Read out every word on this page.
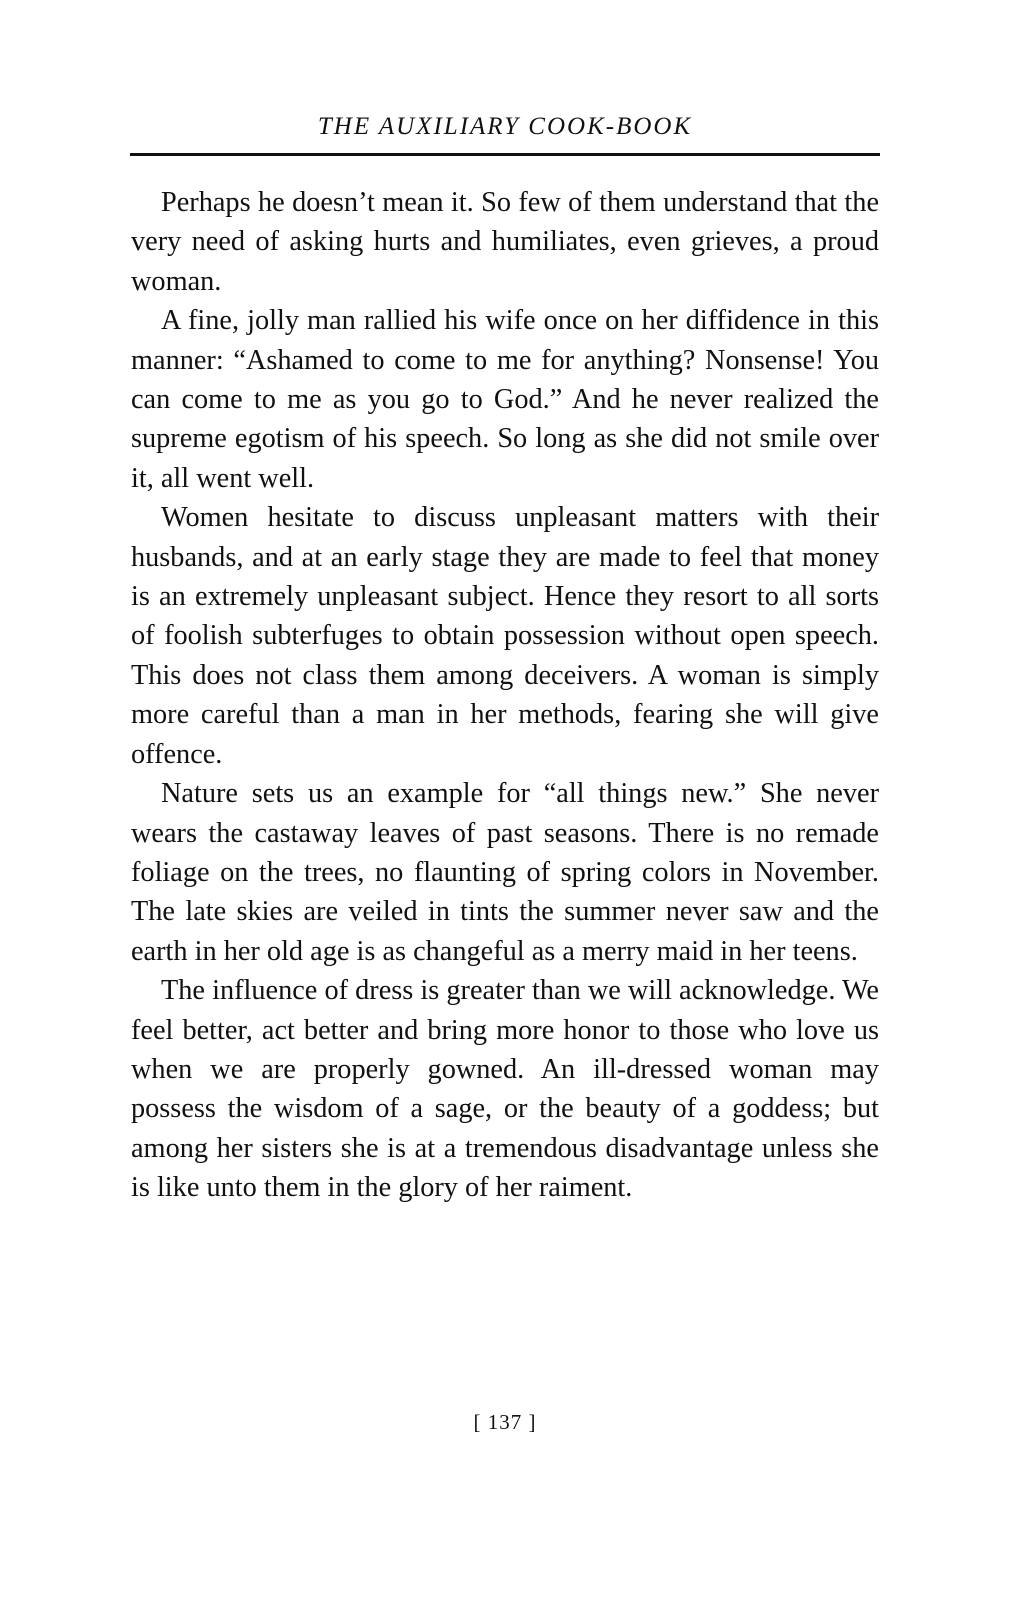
THE AUXILIARY COOK-BOOK

Perhaps he doesn’t mean it. So few of them understand that the very need of asking hurts and humiliates, even grieves, a proud woman.

A fine, jolly man rallied his wife once on her diffidence in this manner: “Ashamed to come to me for anything? Nonsense! You can come to me as you go to God.” And he never realized the supreme egotism of his speech. So long as she did not smile over it, all went well.

Women hesitate to discuss unpleasant matters with their husbands, and at an early stage they are made to feel that money is an extremely unpleasant subject. Hence they resort to all sorts of foolish subterfuges to obtain possession without open speech. This does not class them among deceivers. A woman is simply more careful than a man in her methods, fearing she will give offence.

Nature sets us an example for “all things new.” She never wears the castaway leaves of past seasons. There is no remade foliage on the trees, no flaunting of spring colors in November. The late skies are veiled in tints the summer never saw and the earth in her old age is as changeful as a merry maid in her teens.

The influence of dress is greater than we will acknowledge. We feel better, act better and bring more honor to those who love us when we are properly gowned. An ill-dressed woman may possess the wisdom of a sage, or the beauty of a goddess; but among her sisters she is at a tremendous disadvantage unless she is like unto them in the glory of her raiment.

[ 137 ]
